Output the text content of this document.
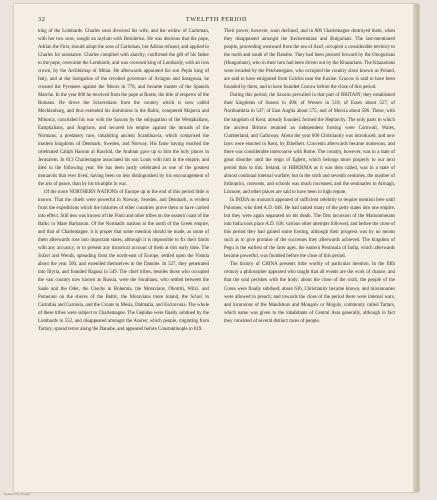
32	TWELFTH PERIOD

king of the Lombards. Charles soon divorced his wife, and the widow of Carloman, with her two sons, sought an asylum with Desiderius. He was desirous that the pope, Adrian the First, should adopt the sons of Carloman, but Adrian refused, and applied to Charles for assistance. Charles complied with alacrity, confirmed the gift of his father to the pope, overcame the Lombards, and was crowned king of Lombardy, with an iron crown, by the Archbishop of Milan. He afterwards appointed his son Pepin king of Italy, and at the instigation of the revolted governors of Arragon and Saragossa, he crossed the Pyrenees against the Moors in 778, and became master of the Spanish Marche. In the year 800 he received from the pope at Rome, the title of emperor of the Romans. He drove the Sclavonians from the country which is now called Mecklenburg, and thus extended his dominions to the Baltic, conquered Majorca and Minorca, concluded his war with the Saxons by the subjugation of the Westphalians, Eastphalians, and Angrians, and secured his empire against the inroads of the Normans, a predatory race, inhabiting ancient Scandinavia, which comprised the modern kingdoms of Denmark, Sweden, and Norway. His fame having reached the celebrated Caliph Haroun al Raschid, the Arabian gave up to him the holy places in Jerusalem. In 813 Charlemagne associated his son Louis with him in the empire, and died in the following year. He has been justly celebrated as one of the greatest monarchs that ever lived, having been no less distinguished by his encouragement of the arts of peace, than by his triumphs in war.

Of the more NORTHERN NATIONS of Europe up to the end of this period little is known. That the chiefs were powerful in Norway, Sweden, and Denmark, is evident from the expeditions which the histories of other countries prove them to have carried into effect. Still less was known of the Finni and other tribes on the eastern coast of the Baltic or Mare Barbarum. Of the Normadic nations to the north of the Greek empire, and that of Charlemagne, it is proper that some mention should be made, as some of them afterwards rose into important states, although it is impossible to fix their limits with any accuracy, or to present any historical account of them at this early time. The Sclavi and Wends, spreading from the north-east of Europe, settled upon the Vistula about the year 500, and extended themselves to the Danube. In 527, they penetrated into Illyria, and founded Ragusa in 549. The chief tribes, besides those who occupied the vast country now known as Russia, were the Sorabians, who settled between the Saale and the Oder, the Czechs in Bohemia, the Moravians, Obotriti, Wilzi, and Pomerani on the shores of the Baltic, the Moravians more inland, the Sclavi in Carinthia and Carniola, and the Croats in Mesia, Dalmatia, and Esclavonia. The whole of these tribes were subject to Charlemagne. The Gepidae were finally subdued by the Lombards in 552, and disappeared amongst the Avares; which people, migrating from Tartary, spread terror along the Danube, and appeared before Constantinople in 619.

Their power, however, soon declined, and in 800 Charlemagne destroyed them, when they disappeared amongst the Keckerunians and Bulgarians. The last-mentioned people, proceeding westward from the sea of Azof, occupied a considerable territory to the north and south of the Danube. They had been pressed forward by the Onogurians (Hungarians), who in their turn had been driven out by the Khazarians. The Khazarians were invaded by the Petchenegans, who occupied the country since known as Poland, are said to have emigrated from Colchis near the Euxine. Cracow is said to have been founded by them, and to have founded Cracow before the close of this period.

During this period, the Saxons prevailed in that part of BRITAIN; they established their kingdoms of Sussex in 490; of Wessex in 519; of Essex about 527; of Northumbria in 547; of East Anglia about 575; and of Mercia about 586. These, with the kingdom of Kent, already founded, formed the Heptarchy. The only parts in which the ancient Britons retained an independent footing were Cornwall, Wales, Cumberland, and Galloway. About the year 600 Christianity was introduced, and new laws were enacted in Kent, by Ethelbert. Convents afterwards became numerous, and there was considerable intercourse with Rome. The country, however, was in a state of great disorder until the reign of Egbert, which belongs more properly to our next period than to this. Ireland, or HIBERNIA as it was then called, was in a state of almost continual internal warfare; but in the sixth and seventh centuries, the number of bishoprics, convents, and schools was much increased, and the seminaries in Armagh, Lismore, and other places are said to have been in high repute.

In INDIA no monarch appeared of sufficient celebrity to require mention here until Pulomen, who died A.D. 648. He had united many of the petty states into one empire, but they were again separated on his death. The first incursion of the Mahommetans into India took place A.D. 636, various other attempts followed, and before the close of this period they had gained some footing, although their progress was by no means such as to give promise of the successes they afterwards achieved. The kingdom of Pegu is the earliest of the later ages, the eastern Peninsula of India, which afterwards became powerful, was founded before the close of this period.

The history of CHINA presents little worthy of particular mention. In the fifth century a philosopher appeared who taught that all events are the work of chance, and that the soul perishes with the body; about the close of the sixth, the people of the Corea were finally subdued; about 636, Christianity became known, and missionaries were allowed to preach; and towards the close of the period there were internal wars, and incursions of the Mandshurs and Mongols or Moguls, commonly called Tartars, which name was given to the inhabitants of Central Asia generally, although in fact they consisted of several distinct races of people.

Digitized by Google
